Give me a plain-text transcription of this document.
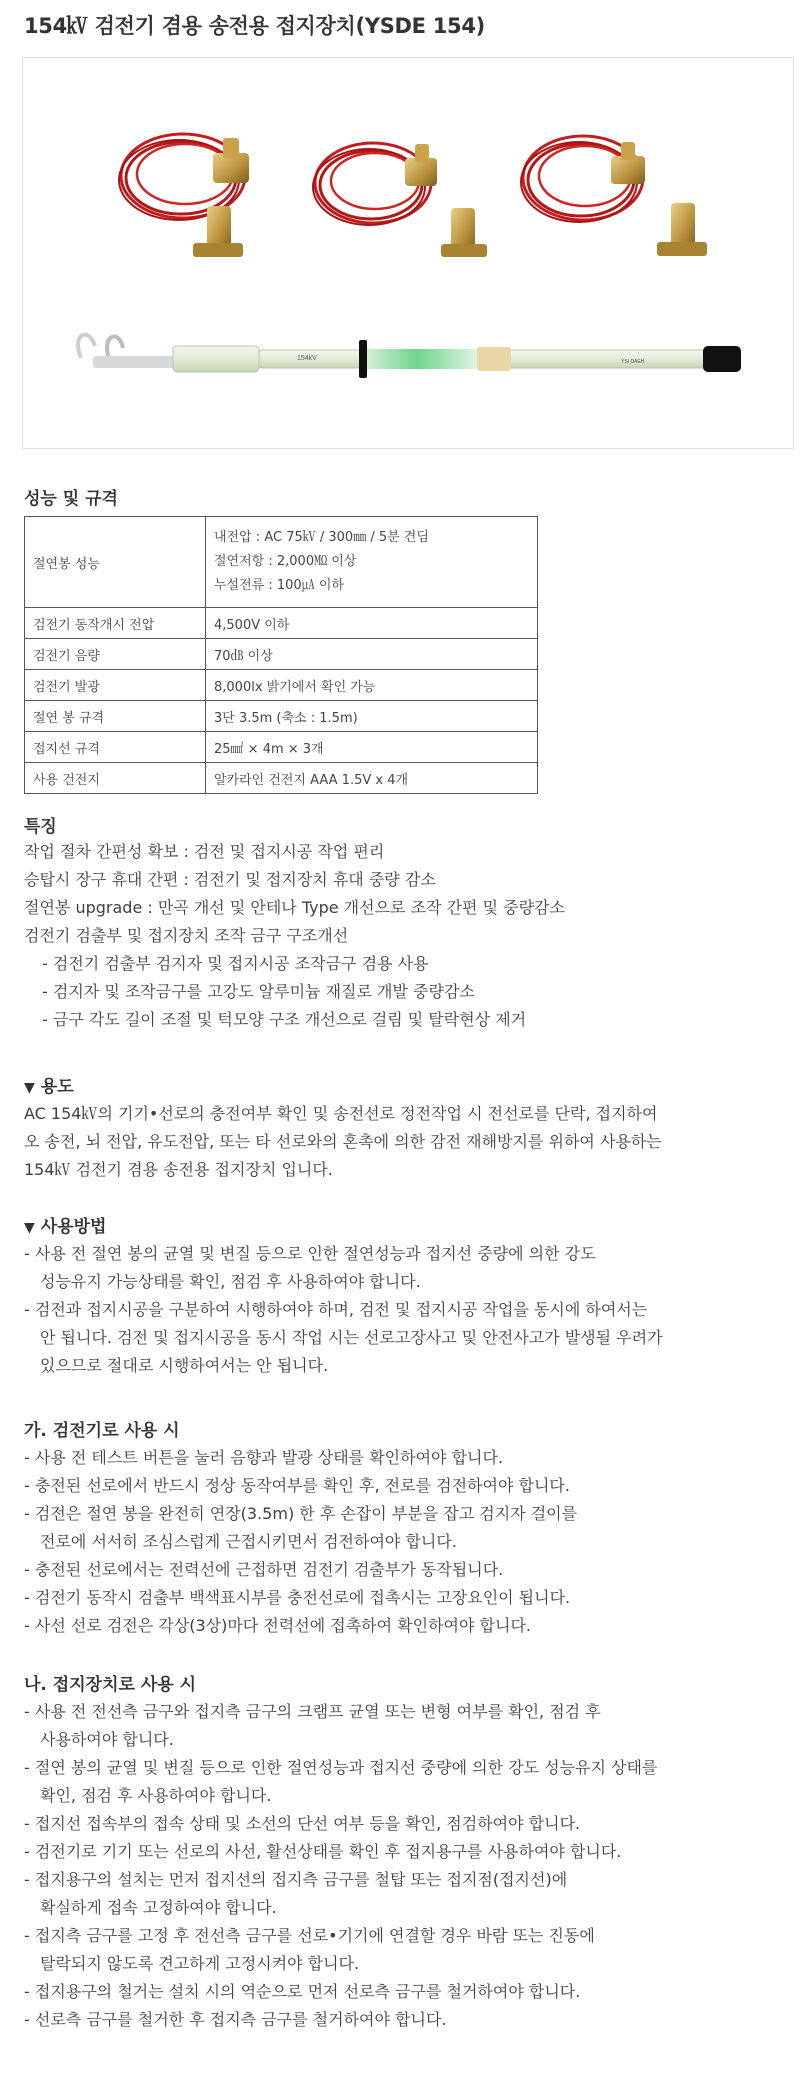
154㎸ 검전기 겸용 송전용 접지장치(YSDE 154)
154kV	YSI DAEH
성능 및 규격
절연봉 성능	내전압 : AC 75㎸ / 300㎜ / 5분 견딤
절연저항 : 2,000㏁ 이상
누설전류 : 100㎂ 이하

검전기 동작개시 전압	4,500V 이하
검전기 음량	70㏈ 이상
검전기 발광	8,000lx 밝기에서 확인 가능
절연 봉 규격	3단 3.5m (축소 : 1.5m)
접지선 규격	25㎟ × 4m × 3개
사용 건전지	알카라인 건전지 AAA 1.5V x 4개
특징
작업 절차 간편성 확보 : 검전 및 접지시공 작업 편리
승탑시 장구 휴대 간편 : 검전기 및 접지장치 휴대 중량 감소
절연봉 upgrade : 만곡 개선 및 안테나 Type 개선으로 조작 간편 및 중량감소
검전기 검출부 및 접지장치 조작 금구 구조개선
- 검전기 검출부 검지자 및 접지시공 조작금구 겸용 사용
- 검지자 및 조작금구를 고강도 알루미늄 재질로 개발 중량감소
- 금구 각도 길이 조절 및 턱모양 구조 개선으로 걸림 및 탈락현상 제거
▼ 용도

AC 154㎸의 기기•선로의 충전여부 확인 및 송전선로 정전작업 시 전선로를 단락, 접지하여
오 송전, 뇌 전압, 유도전압, 또는 타 선로와의 혼촉에 의한 감전 재해방지를 위하여 사용하는
154㎸ 검전기 겸용 송전용 접지장치 입니다.

▼ 사용방법
- 사용 전 절연 봉의 균열 및 변질 등으로 인한 절연성능과 접지선 중량에 의한 강도
성능유지 가능상태를 확인, 점검 후 사용하여야 합니다.
- 검전과 접지시공을 구분하여 시행하여야 하며, 검전 및 접지시공 작업을 동시에 하여서는
안 됩니다. 검전 및 접지시공을 동시 작업 시는 선로고장사고 및 안전사고가 발생될 우려가
있으므로 절대로 시행하여서는 안 됩니다.
가. 검전기로 사용 시
- 사용 전 테스트 버튼을 눌러 음향과 발광 상태를 확인하여야 합니다.
- 충전된 선로에서 반드시 정상 동작여부를 확인 후, 전로를 검전하여야 합니다.
- 검전은 절연 봉을 완전히 연장(3.5m) 한 후 손잡이 부분을 잡고 검지자 걸이를
전로에 서서히 조심스럽게 근접시키면서 검전하여야 합니다.
- 충전된 선로에서는 전력선에 근접하면 검전기 검출부가 동작됩니다.
- 검전기 동작시 검출부 백색표시부를 충전선로에 접촉시는 고장요인이 됩니다.
- 사선 선로 검전은 각상(3상)마다 전력선에 접촉하여 확인하여야 합니다.
나. 접지장치로 사용 시
- 사용 전 전선측 금구와 접지측 금구의 크램프 균열 또는 변형 여부를 확인, 점검 후
사용하여야 합니다.
- 절연 봉의 균열 및 변질 등으로 인한 절연성능과 접지선 중량에 의한 강도 성능유지 상태를
확인, 점검 후 사용하여야 합니다.
- 접지선 접속부의 접속 상태 및 소선의 단선 여부 등을 확인, 점검하여야 합니다.
- 검전기로 기기 또는 선로의 사선, 활선상태를 확인 후 접지용구를 사용하여야 합니다.
- 접지용구의 설치는 먼저 접지선의 접지측 금구를 철탑 또는 접지점(접지선)에
확실하게 접속 고정하여야 합니다.
- 접지측 금구를 고정 후 전선측 금구를 선로•기기에 연결할 경우 바람 또는 진동에
탈락되지 않도록 견고하게 고정시켜야 합니다.
- 접지용구의 철거는 설치 시의 역순으로 먼저 선로측 금구를 철거하여야 합니다.
- 선로측 금구를 철거한 후 접지측 금구를 철거하여야 합니다.
